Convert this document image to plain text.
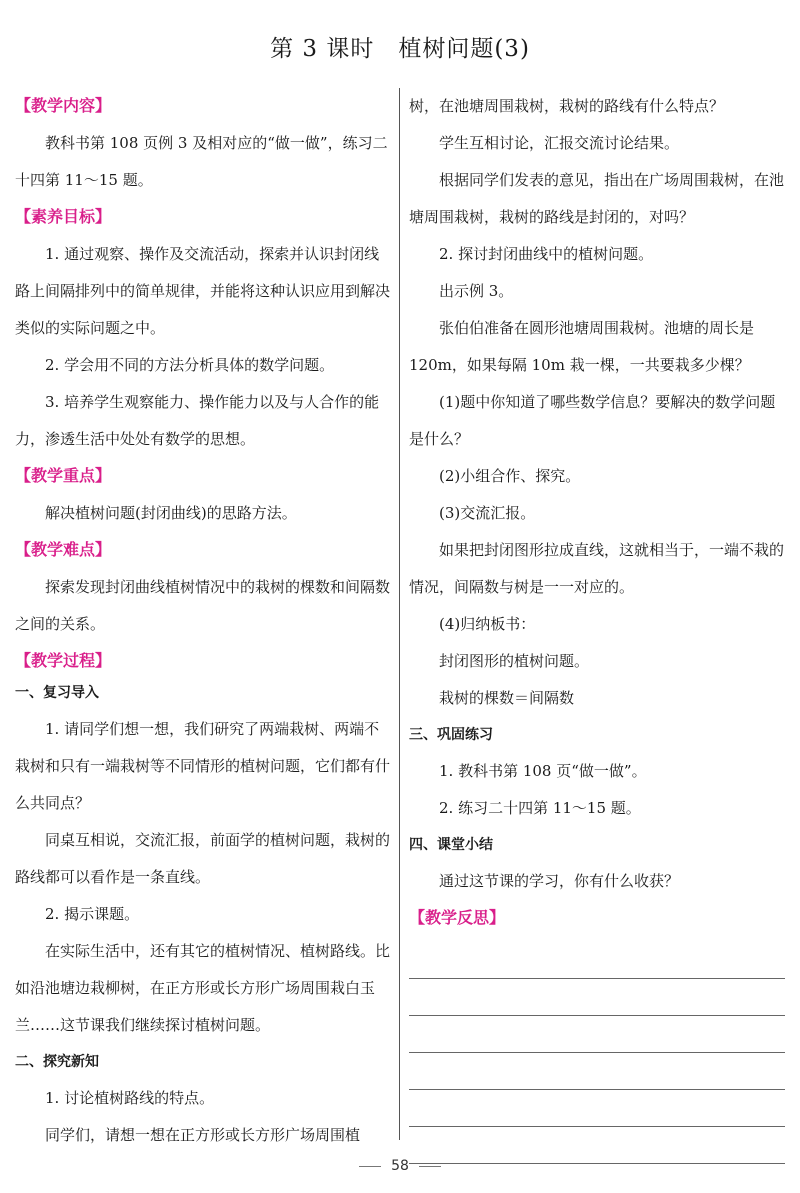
第 3 课时　植树问题(3)
【教学内容】

教科书第 108 页例 3 及相对应的“做一做”，练习二十四第 11～15 题。

【素养目标】

1. 通过观察、操作及交流活动，探索并认识封闭线路上间隔排列中的简单规律，并能将这种认识应用到解决类似的实际问题之中。

2. 学会用不同的方法分析具体的数学问题。

3. 培养学生观察能力、操作能力以及与人合作的能力，渗透生活中处处有数学的思想。

【教学重点】

解决植树问题(封闭曲线)的思路方法。

【教学难点】

探索发现封闭曲线植树情况中的栽树的棵数和间隔数之间的关系。

【教学过程】
一、复习导入

1. 请同学们想一想，我们研究了两端栽树、两端不栽树和只有一端栽树等不同情形的植树问题，它们都有什么共同点？

同桌互相说，交流汇报，前面学的植树问题，栽树的路线都可以看作是一条直线。

2. 揭示课题。

在实际生活中，还有其它的植树情况、植树路线。比如沿池塘边栽柳树，在正方形或长方形广场周围栽白玉兰……这节课我们继续探讨植树问题。

二、探究新知

1. 讨论植树路线的特点。

同学们，请想一想在正方形或长方形广场周围植

树，在池塘周围栽树，栽树的路线有什么特点？

学生互相讨论，汇报交流讨论结果。

根据同学们发表的意见，指出在广场周围栽树，在池塘周围栽树，栽树的路线是封闭的，对吗？

2. 探讨封闭曲线中的植树问题。

出示例 3。

张伯伯准备在圆形池塘周围栽树。池塘的周长是 120m，如果每隔 10m 栽一棵，一共要栽多少棵？

(1)题中你知道了哪些数学信息？要解决的数学问题是什么？

(2)小组合作、探究。

(3)交流汇报。

如果把封闭图形拉成直线，这就相当于，一端不栽的情况，间隔数与树是一一对应的。

(4)归纳板书：

封闭图形的植树问题。

栽树的棵数＝间隔数

三、巩固练习

1. 教科书第 108 页“做一做”。

2. 练习二十四第 11～15 题。

四、课堂小结

通过这节课的学习，你有什么收获？

【教学反思】
58
